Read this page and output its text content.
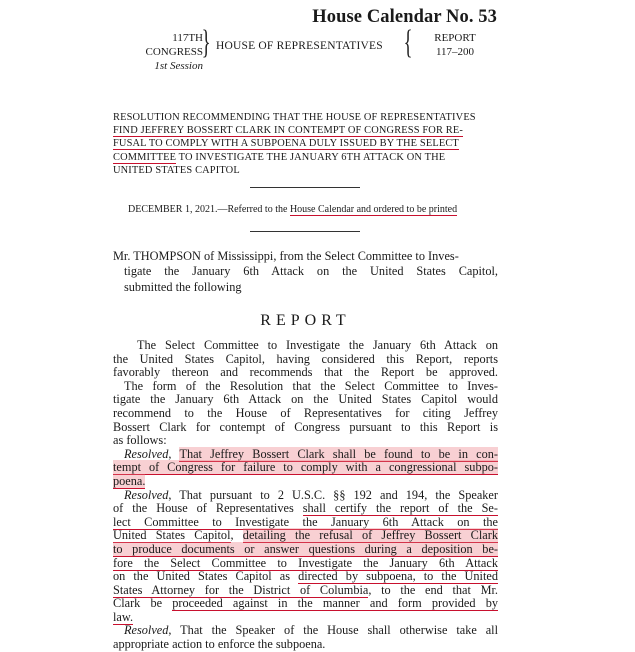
House Calendar No. 53
117TH CONGRESS
1st Session
} HOUSE OF REPRESENTATIVES {	REPORT
117–200
RESOLUTION RECOMMENDING THAT THE HOUSE OF REPRESENTATIVES
FIND JEFFREY BOSSERT CLARK IN CONTEMPT OF CONGRESS FOR RE-
FUSAL TO COMPLY WITH A SUBPOENA DULY ISSUED BY THE SELECT
COMMITTEE TO INVESTIGATE THE JANUARY 6TH ATTACK ON THE
UNITED STATES CAPITOL
DECEMBER 1, 2021.—Referred to the House Calendar and ordered to be printed
Mr. THOMPSON of Mississippi, from the Select Committee to Inves-
tigate the January 6th Attack on the United States Capitol,
submitted the following
REPORT
The Select Committee to Investigate the January 6th Attack on
the United States Capitol, having considered this Report, reports
favorably thereon and recommends that the Report be approved.
The form of the Resolution that the Select Committee to Inves-
tigate the January 6th Attack on the United States Capitol would
recommend to the House of Representatives for citing Jeffrey
Bossert Clark for contempt of Congress pursuant to this Report is
as follows:
Resolved, That Jeffrey Bossert Clark shall be found to be in con-
tempt of Congress for failure to comply with a congressional subpo-
poena.
Resolved, That pursuant to 2 U.S.C. §§ 192 and 194, the Speaker
of the House of Representatives shall certify the report of the Se-
lect Committee to Investigate the January 6th Attack on the
United States Capitol, detailing the refusal of Jeffrey Bossert Clark
to produce documents or answer questions during a deposition be-
fore the Select Committee to Investigate the January 6th Attack
on the United States Capitol as directed by subpoena, to the United
States Attorney for the District of Columbia, to the end that Mr.
Clark be proceeded against in the manner and form provided by
law.
Resolved, That the Speaker of the House shall otherwise take all
appropriate action to enforce the subpoena.
